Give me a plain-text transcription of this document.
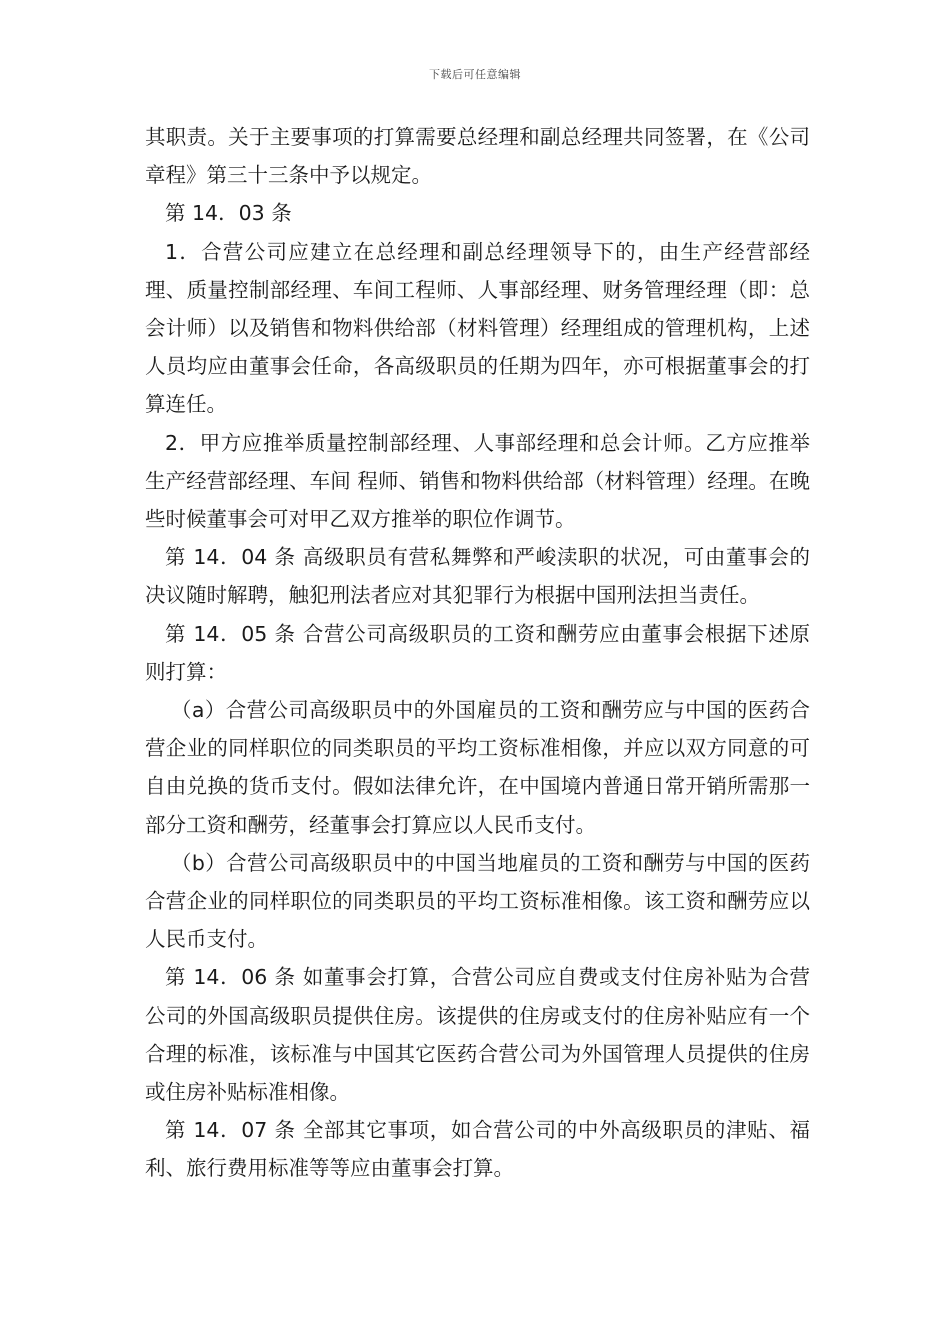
下载后可任意编辑

其职责。关于主要事项的打算需要总经理和副总经理共同签署，在《公司章程》第三十三条中予以规定。

第 14．03 条

1．合营公司应建立在总经理和副总经理领导下的，由生产经营部经理、质量控制部经理、车间工程师、人事部经理、财务管理经理（即：总会计师）以及销售和物料供给部（材料管理）经理组成的管理机构，上述人员均应由董事会任命，各高级职员的任期为四年，亦可根据董事会的打算连任。

2．甲方应推举质量控制部经理、人事部经理和总会计师。乙方应推举生产经营部经理、车间 程师、销售和物料供给部（材料管理）经理。在晚些时候董事会可对甲乙双方推举的职位作调节。

第 14．04 条 高级职员有营私舞弊和严峻渎职的状况，可由董事会的决议随时解聘，触犯刑法者应对其犯罪行为根据中国刑法担当责任。

第 14．05 条 合营公司高级职员的工资和酬劳应由董事会根据下述原则打算：

（a）合营公司高级职员中的外国雇员的工资和酬劳应与中国的医药合营企业的同样职位的同类职员的平均工资标准相像，并应以双方同意的可自由兑换的货币支付。假如法律允许，在中国境内普通日常开销所需那一部分工资和酬劳，经董事会打算应以人民币支付。

（b）合营公司高级职员中的中国当地雇员的工资和酬劳与中国的医药合营企业的同样职位的同类职员的平均工资标准相像。该工资和酬劳应以人民币支付。

第 14．06 条 如董事会打算，合营公司应自费或支付住房补贴为合营公司的外国高级职员提供住房。该提供的住房或支付的住房补贴应有一个合理的标准，该标准与中国其它医药合营公司为外国管理人员提供的住房或住房补贴标准相像。

第 14．07 条 全部其它事项，如合营公司的中外高级职员的津贴、福利、旅行费用标准等等应由董事会打算。
